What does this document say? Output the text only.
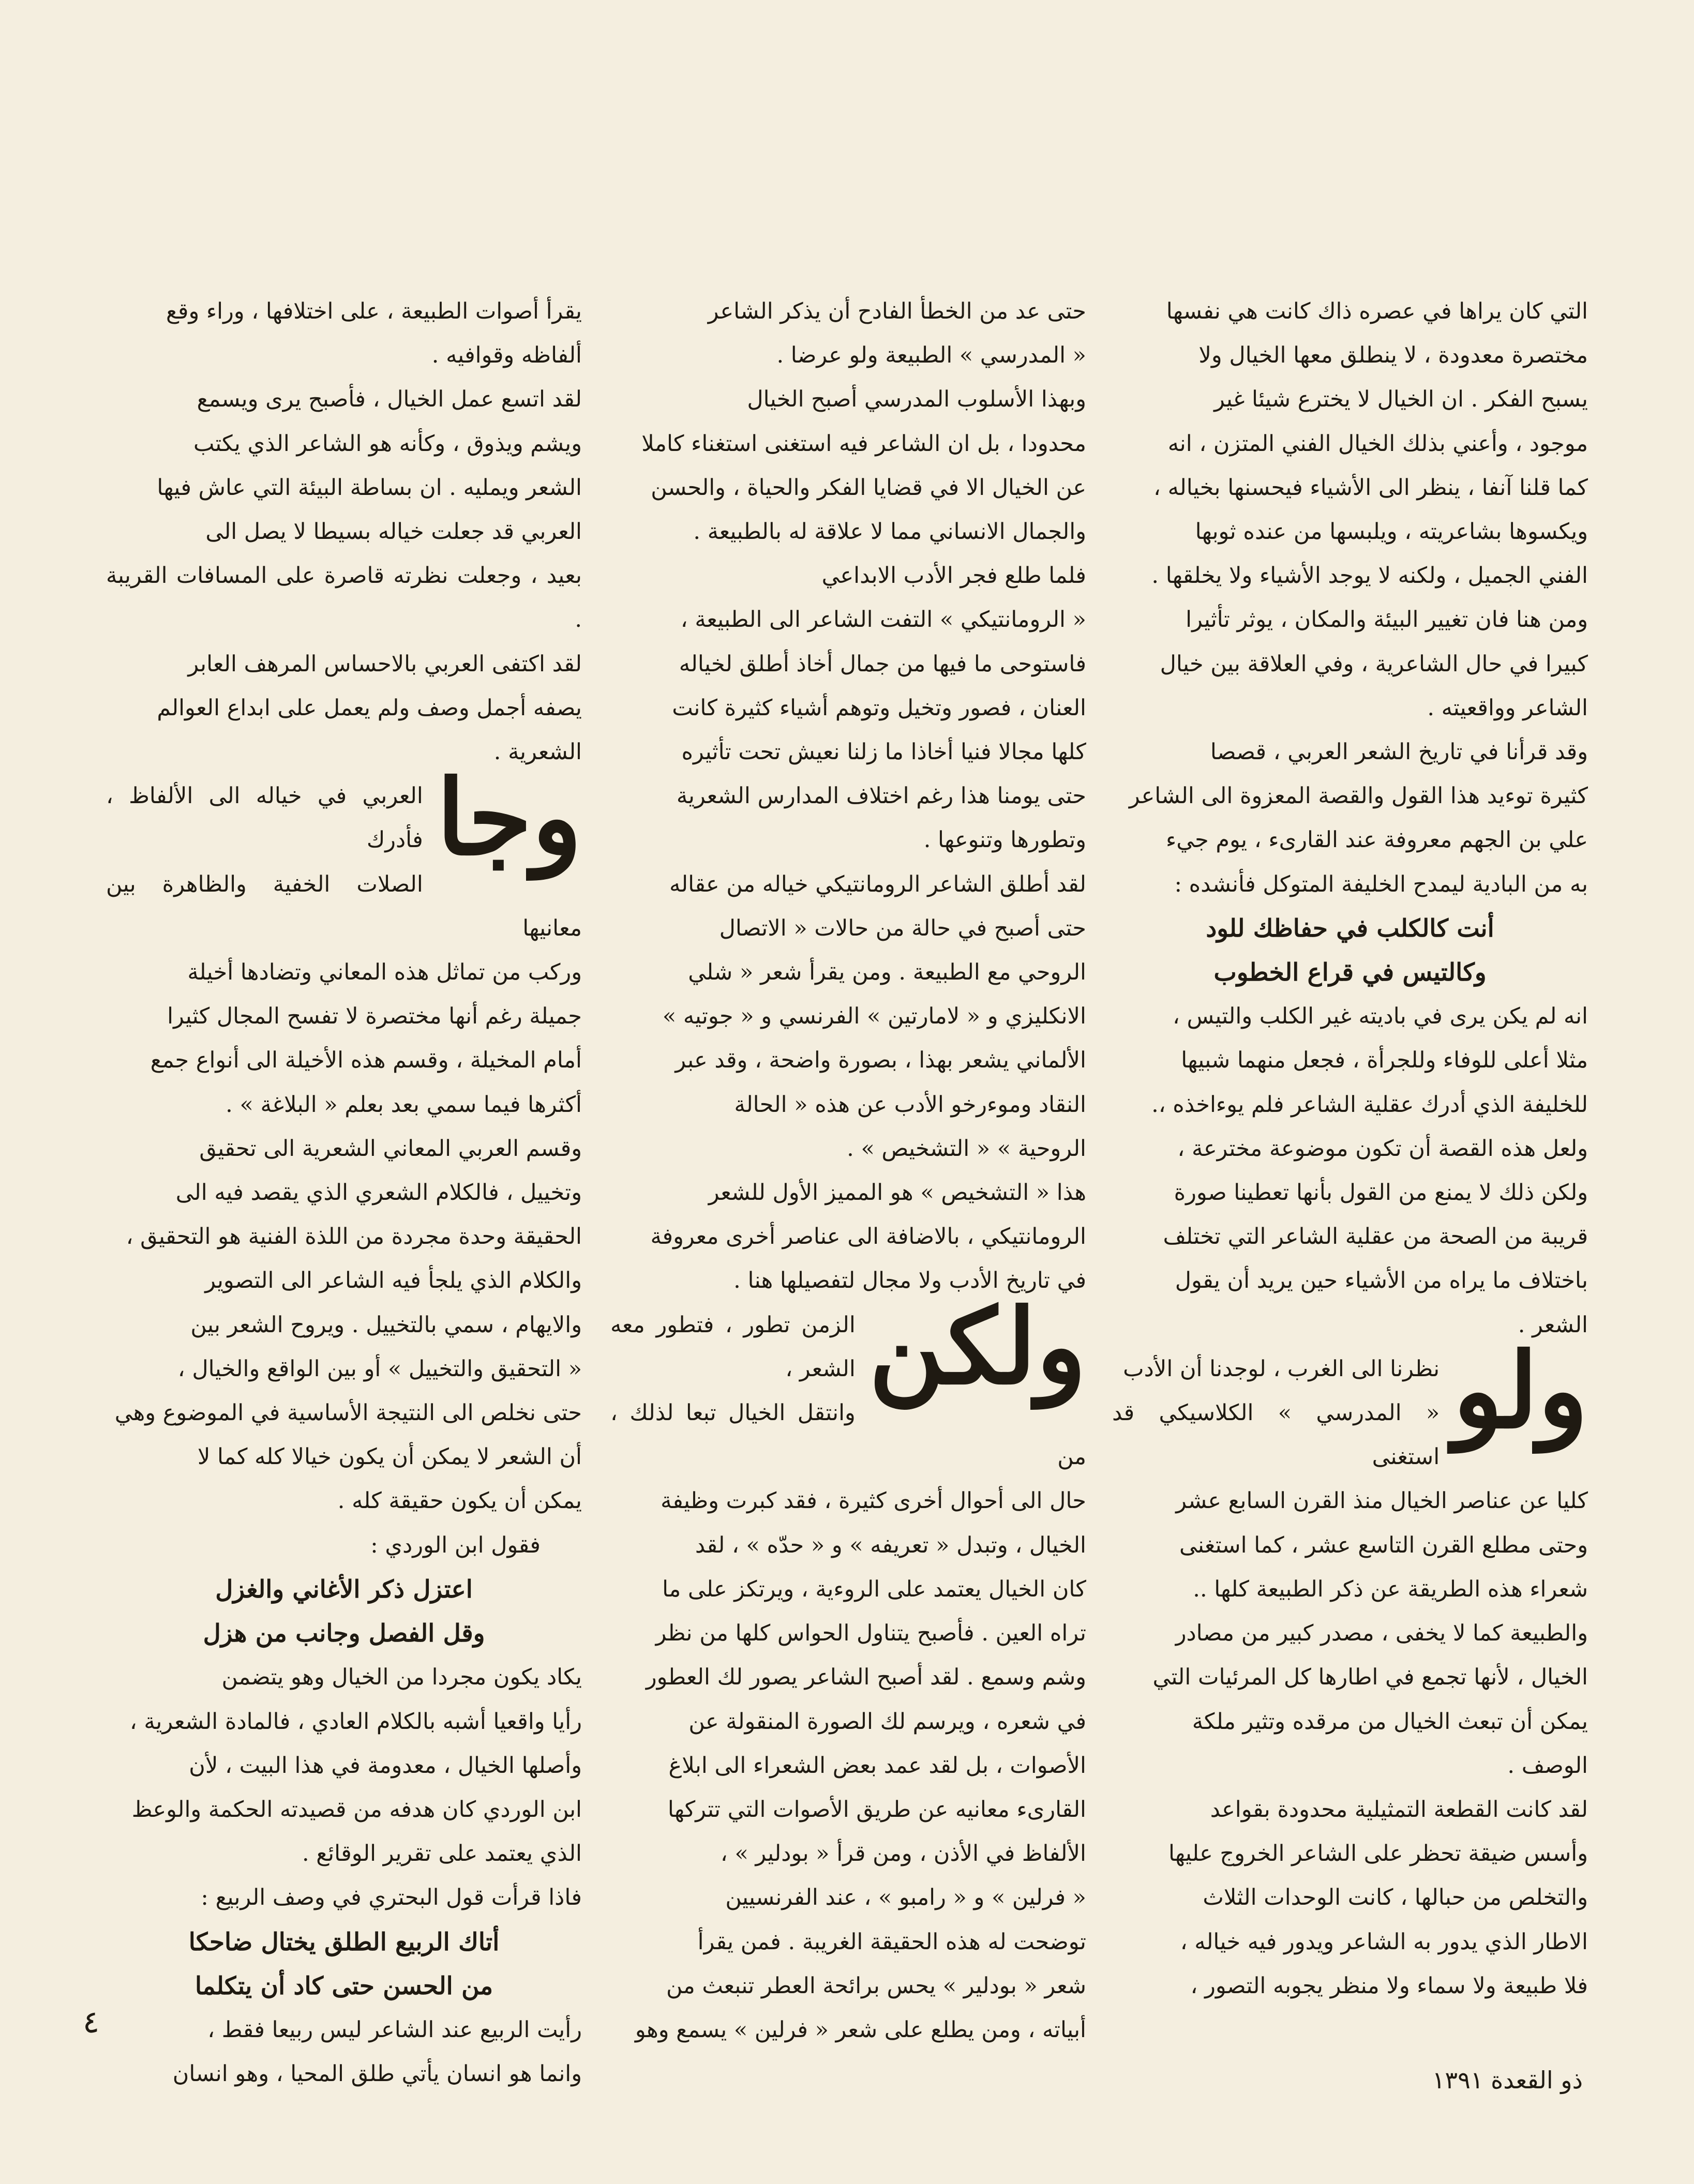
التي كان يراها في عصره ذاك كانت هي نفسها

مختصرة معدودة ، لا ينطلق معها الخيال ولا

يسبح الفكر . ان الخيال لا يخترع شيئا غير

موجود ، وأعني بذلك الخيال الفني المتزن ، انه

كما قلنا آنفا ، ينظر الى الأشياء فيحسنها بخياله ،

ويكسوها بشاعريته ، ويلبسها من عنده ثوبها

الفني الجميل ، ولكنه لا يوجد الأشياء ولا يخلقها .

ومن هنا فان تغيير البيئة والمكان ، يوثر تأثيرا

كبيرا في حال الشاعرية ، وفي العلاقة بين خيال

الشاعر وواقعيته .

وقد قرأنا في تاريخ الشعر العربي ، قصصا

كثيرة توءيد هذا القول والقصة المعزوة الى الشاعر

علي بن الجهم معروفة عند القارىء ، يوم جيء

به من البادية ليمدح الخليفة المتوكل فأنشده :

أنت كالكلب في حفاظك للود

وكالتيس في قراع الخطوب

انه لم يكن يرى في باديته غير الكلب والتيس ،

مثلا أعلى للوفاء وللجرأة ، فجعل منهما شبيها

للخليفة الذي أدرك عقلية الشاعر فلم يوءاخذه ،.

ولعل هذه القصة أن تكون موضوعة مخترعة ،

ولكن ذلك لا يمنع من القول بأنها تعطينا صورة

قريبة من الصحة من عقلية الشاعر التي تختلف

باختلاف ما يراه من الأشياء حين يريد أن يقول

الشعر .

ولو

نظرنا الى الغرب ، لوجدنا أن الأدب

« المدرسي » الكلاسيكي قد استغنى

كليا عن عناصر الخيال منذ القرن السابع عشر

وحتى مطلع القرن التاسع عشر ، كما استغنى

شعراء هذه الطريقة عن ذكر الطبيعة كلها ..

والطبيعة كما لا يخفى ، مصدر كبير من مصادر

الخيال ، لأنها تجمع في اطارها كل المرئيات التي

يمكن أن تبعث الخيال من مرقده وتثير ملكة

الوصف .

لقد كانت القطعة التمثيلية محدودة بقواعد

وأسس ضيقة تحظر على الشاعر الخروج عليها

والتخلص من حبالها ، كانت الوحدات الثلاث

الاطار الذي يدور به الشاعر ويدور فيه خياله ،

فلا طبيعة ولا سماء ولا منظر يجوبه التصور ،

حتى عد من الخطأ الفادح أن يذكر الشاعر

« المدرسي » الطبيعة ولو عرضا .

وبهذا الأسلوب المدرسي أصبح الخيال

محدودا ، بل ان الشاعر فيه استغنى استغناء كاملا

عن الخيال الا في قضايا الفكر والحياة ، والحسن

والجمال الانساني مما لا علاقة له بالطبيعة .

فلما طلع فجر الأدب الابداعي

« الرومانتيكي » التفت الشاعر الى الطبيعة ،

فاستوحى ما فيها من جمال أخاذ أطلق لخياله

العنان ، فصور وتخيل وتوهم أشياء كثيرة كانت

كلها مجالا فنيا أخاذا ما زلنا نعيش تحت تأثيره

حتى يومنا هذا رغم اختلاف المدارس الشعرية

وتطورها وتنوعها .

لقد أطلق الشاعر الرومانتيكي خياله من عقاله

حتى أصبح في حالة من حالات « الاتصال

الروحي مع الطبيعة . ومن يقرأ شعر « شلي

الانكليزي و « لامارتين » الفرنسي و « جوتيه »

الألماني يشعر بهذا ، بصورة واضحة ، وقد عبر

النقاد وموءرخو الأدب عن هذه « الحالة

الروحية » « التشخيص » .

هذا « التشخيص » هو المميز الأول للشعر

الرومانتيكي ، بالاضافة الى عناصر أخرى معروفة

في تاريخ الأدب ولا مجال لتفصيلها هنا .

ولكن

الزمن تطور ، فتطور معه الشعر ،

وانتقل الخيال تبعا لذلك ، من

حال الى أحوال أخرى كثيرة ، فقد كبرت وظيفة

الخيال ، وتبدل « تعريفه » و « حدّه » ، لقد

كان الخيال يعتمد على الروءية ، ويرتكز على ما

تراه العين . فأصبح يتناول الحواس كلها من نظر

وشم وسمع . لقد أصبح الشاعر يصور لك العطور

في شعره ، ويرسم لك الصورة المنقولة عن

الأصوات ، بل لقد عمد بعض الشعراء الى ابلاغ

القارىء معانيه عن طريق الأصوات التي تتركها

الألفاظ في الأذن ، ومن قرأ « بودلير » ،

« فرلين » و « رامبو » ، عند الفرنسيين

توضحت له هذه الحقيقة الغريبة . فمن يقرأ

شعر « بودلير » يحس برائحة العطر تنبعث من

أبياته ، ومن يطلع على شعر « فرلين » يسمع وهو

يقرأ أصوات الطبيعة ، على اختلافها ، وراء وقع

ألفاظه وقوافيه .

لقد اتسع عمل الخيال ، فأصبح يرى ويسمع

ويشم ويذوق ، وكأنه هو الشاعر الذي يكتب

الشعر ويمليه . ان بساطة البيئة التي عاش فيها

العربي قد جعلت خياله بسيطا لا يصل الى

بعيد ، وجعلت نظرته قاصرة على المسافات القريبة .

لقد اكتفى العربي بالاحساس المرهف العابر

يصفه أجمل وصف ولم يعمل على ابداع العوالم

الشعرية .

وجا

العربي في خياله الى الألفاظ ، فأدرك

الصلات الخفية والظاهرة بين معانيها

وركب من تماثل هذه المعاني وتضادها أخيلة

جميلة رغم أنها مختصرة لا تفسح المجال كثيرا

أمام المخيلة ، وقسم هذه الأخيلة الى أنواع جمع

أكثرها فيما سمي بعد بعلم « البلاغة » .

وقسم العربي المعاني الشعرية الى تحقيق

وتخييل ، فالكلام الشعري الذي يقصد فيه الى

الحقيقة وحدة مجردة من اللذة الفنية هو التحقيق ،

والكلام الذي يلجأ فيه الشاعر الى التصوير

والايهام ، سمي بالتخييل . ويروح الشعر بين

« التحقيق والتخييل » أو بين الواقع والخيال ،

حتى نخلص الى النتيجة الأساسية في الموضوع وهي

أن الشعر لا يمكن أن يكون خيالا كله كما لا

يمكن أن يكون حقيقة كله .

فقول ابن الوردي :

اعتزل ذكر الأغاني والغزل

وقل الفصل وجانب من هزل

يكاد يكون مجردا من الخيال وهو يتضمن

رأيا واقعيا أشبه بالكلام العادي ، فالمادة الشعرية ،

وأصلها الخيال ، معدومة في هذا البيت ، لأن

ابن الوردي كان هدفه من قصيدته الحكمة والوعظ

الذي يعتمد على تقرير الوقائع .

فاذا قرأت قول البحتري في وصف الربيع :

أتاك الربيع الطلق يختال ضاحكا

من الحسن حتى كاد أن يتكلما

رأيت الربيع عند الشاعر ليس ربيعا فقط ،

وانما هو انسان يأتي طلق المحيا ، وهو انسان

٤
ذو القعدة ١٣٩١
